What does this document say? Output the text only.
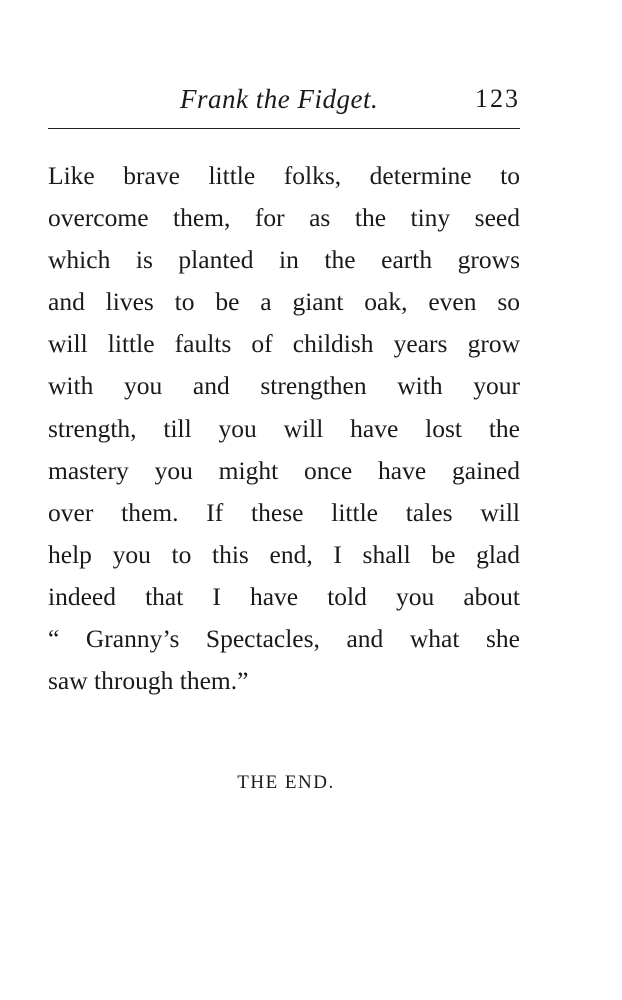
Frank the Fidget.	123

Like brave little folks, determine to
overcome them, for as the tiny seed
which is planted in the earth grows
and lives to be a giant oak, even so
will little faults of childish years grow
with you and strengthen with your
strength, till you will have lost the
mastery you might once have gained
over them. If these little tales will
help you to this end, I shall be glad
indeed that I have told you about
“ Granny’s Spectacles, and what she
saw through them.”

THE END.
